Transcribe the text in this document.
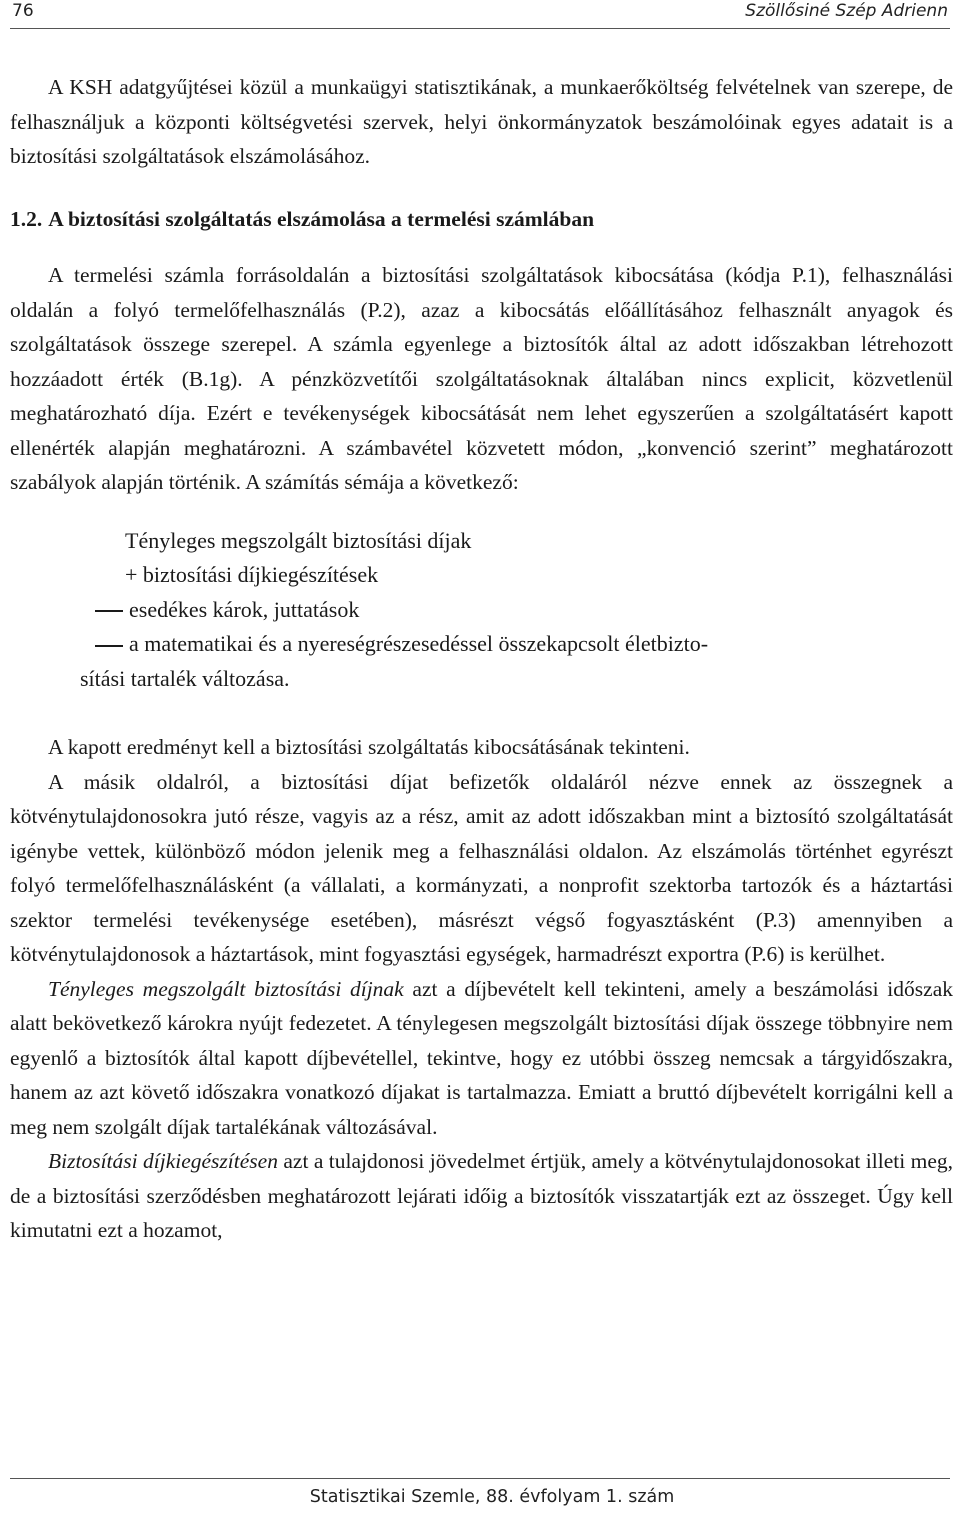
76	Szöllősiné Szép Adrienn

A KSH adatgyűjtései közül a munkaügyi statisztikának, a munkaerőköltség felvételnek van szerepe, de felhasználjuk a központi költségvetési szervek, helyi önkormányzatok beszámolóinak egyes adatait is a biztosítási szolgáltatások elszámolásához.

1.2. A biztosítási szolgáltatás elszámolása a termelési számlában

A termelési számla forrásoldalán a biztosítási szolgáltatások kibocsátása (kódja P.1), felhasználási oldalán a folyó termelőfelhasználás (P.2), azaz a kibocsátás előállításához felhasznált anyagok és szolgáltatások összege szerepel. A számla egyenlege a biztosítók által az adott időszakban létrehozott hozzáadott érték (B.1g). A pénzközvetítői szolgáltatásoknak általában nincs explicit, közvetlenül meghatározható díja. Ezért e tevékenységek kibocsátását nem lehet egyszerűen a szolgáltatásért kapott ellenérték alapján meghatározni. A számbavétel közvetett módon, „konvenció szerint” meghatározott szabályok alapján történik. A számítás sémája a következő:

Tényleges megszolgált biztosítási díjak
+ biztosítási díjkiegészítések
esedékes károk, juttatások
a matematikai és a nyereségrészesedéssel összekapcsolt életbizto-
sítási tartalék változása.

A kapott eredményt kell a biztosítási szolgáltatás kibocsátásának tekinteni.

A másik oldalról, a biztosítási díjat befizetők oldaláról nézve ennek az összegnek a kötvénytulajdonosokra jutó része, vagyis az a rész, amit az adott időszakban mint a biztosító szolgáltatását igénybe vettek, különböző módon jelenik meg a felhasználási oldalon. Az elszámolás történhet egyrészt folyó termelőfelhasználásként (a vállalati, a kormányzati, a nonprofit szektorba tartozók és a háztartási szektor termelési tevékenysége esetében), másrészt végső fogyasztásként (P.3) amennyiben a kötvénytulajdonosok a háztartások, mint fogyasztási egységek, harmadrészt exportra (P.6) is kerülhet.

Tényleges megszolgált biztosítási díjnak azt a díjbevételt kell tekinteni, amely a beszámolási időszak alatt bekövetkező károkra nyújt fedezetet. A ténylegesen megszolgált biztosítási díjak összege többnyire nem egyenlő a biztosítók által kapott díjbevétellel, tekintve, hogy ez utóbbi összeg nemcsak a tárgyidőszakra, hanem az azt követő időszakra vonatkozó díjakat is tartalmazza. Emiatt a bruttó díjbevételt korrigálni kell a meg nem szolgált díjak tartalékának változásával.

Biztosítási díjkiegészítésen azt a tulajdonosi jövedelmet értjük, amely a kötvénytulajdonosokat illeti meg, de a biztosítási szerződésben meghatározott lejárati időig a biztosítók visszatartják ezt az összeget. Úgy kell kimutatni ezt a hozamot,

Statisztikai Szemle, 88. évfolyam 1. szám
